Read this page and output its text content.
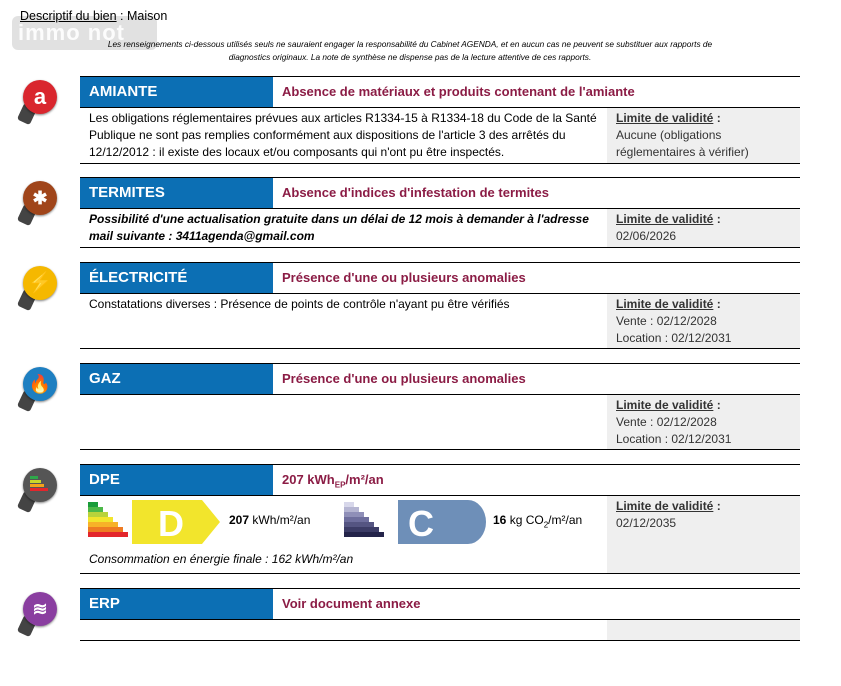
immo not
Descriptif du bien : Maison
Les renseignements ci-dessous utilisés seuls ne sauraient engager la responsabilité du Cabinet AGENDA, et en aucun cas ne peuvent se substituer aux rapports de diagnostics originaux. La note de synthèse ne dispense pas de la lecture attentive de ces rapports.
a	AMIANTE	Absence de matériaux et produits contenant de l'amiante
Les obligations réglementaires prévues aux articles R1334-15 à R1334-18 du Code de la Santé Publique ne sont pas remplies conformément aux dispositions de l'article 3 des arrêtés du 12/12/2012 : il existe des locaux et/ou composants qui n'ont pu être inspectés.
Limite de validité :
Aucune (obligations réglementaires à vérifier)
✱	TERMITES	Absence d'indices d'infestation de termites
Possibilité d'une actualisation gratuite dans un délai de 12 mois à demander à l'adresse mail suivante : 3411agenda@gmail.com
Limite de validité :
02/06/2026
⚡	ÉLECTRICITÉ	Présence d'une ou plusieurs anomalies
Constatations diverses : Présence de points de contrôle n'ayant pu être vérifiés	Limite de validité :
Vente : 02/12/2028
Location : 02/12/2031
🔥	GAZ	Présence d'une ou plusieurs anomalies
Limite de validité :
Vente : 02/12/2028
Location : 02/12/2031
DPE	207 kWh$_{EP}$/m²/an
D	207 kWh/m²/an	C	16 kg $CO_2/m^2/an$
Consommation en énergie finale : 162 kWh/m²/an
Limite de validité :
02/12/2035
≋	ERP	Voir document annexe
